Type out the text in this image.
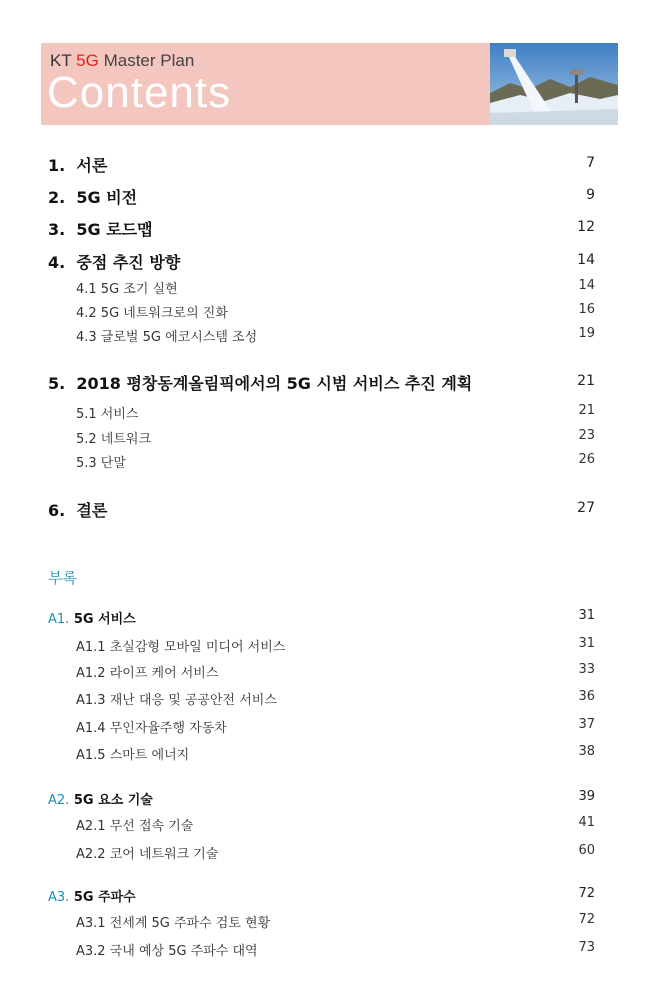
KT 5G Master Plan
Contents
1. 서론	7
2. 5G 비전	9
3. 5G 로드맵	12
4. 중점 추진 방향	14
4.1 5G 조기 실현	14
4.2 5G 네트워크로의 진화	16
4.3 글로벌 5G 에코시스템 조성	19
5. 2018 평창동계올림픽에서의 5G 시범 서비스 추진 계획	21
5.1 서비스	21
5.2 네트워크	23
5.3 단말	26
6. 결론	27
부록
A1. 5G 서비스	31
A1.1 초실감형 모바일 미디어 서비스	31
A1.2 라이프 케어 서비스	33
A1.3 재난 대응 및 공공안전 서비스	36
A1.4 무인자율주행 자동차	37
A1.5 스마트 에너지	38
A2. 5G 요소 기술	39
A2.1 무선 접속 기술	41
A2.2 코어 네트워크 기술	60
A3. 5G 주파수	72
A3.1 전세계 5G 주파수 검토 현황	72
A3.2 국내 예상 5G 주파수 대역	73
